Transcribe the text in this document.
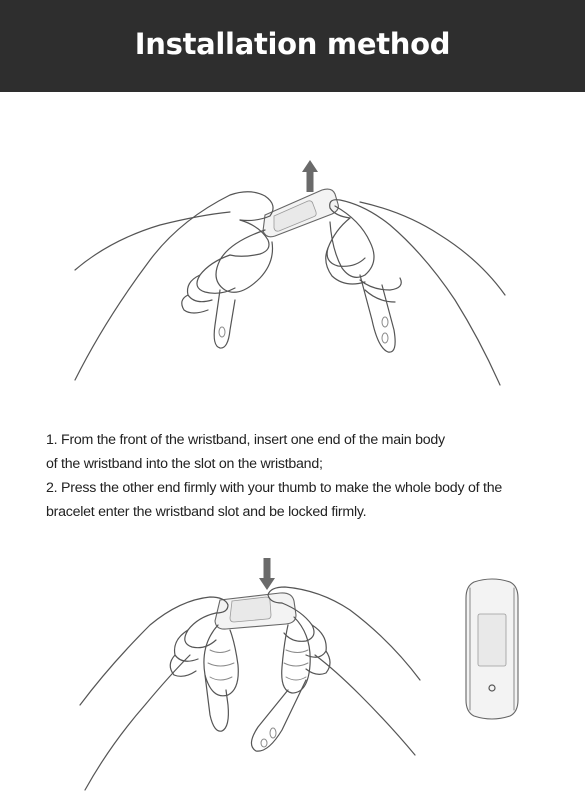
Installation method

1. From the front of the wristband, insert one end of the main body

of the wristband into the slot on the wristband;

2. Press the other end firmly with your thumb to make the whole body of the

bracelet enter the wristband slot and be locked firmly.
